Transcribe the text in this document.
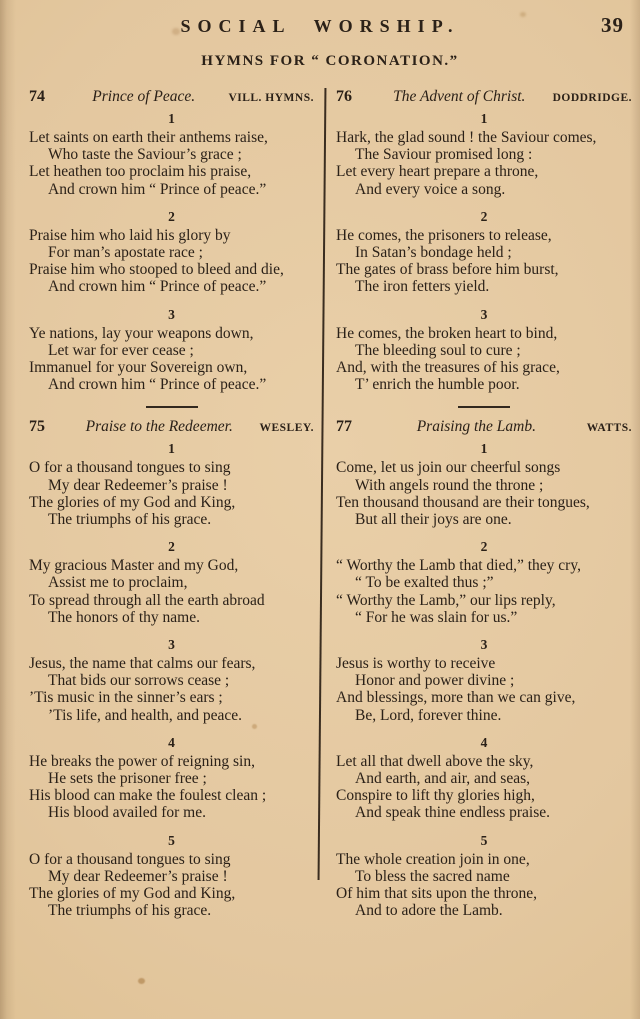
SOCIAL WORSHIP.	39
HYMNS FOR “ CORONATION.”
74	Prince of Peace.	VILL. HYMNS.
1
Let saints on earth their anthems raise,
Who taste the Saviour’s grace ;
Let heathen too proclaim his praise,
And crown him “ Prince of peace.”
2
Praise him who laid his glory by
For man’s apostate race ;
Praise him who stooped to bleed and die,
And crown him “ Prince of peace.”
3
Ye nations, lay your weapons down,
Let war for ever cease ;
Immanuel for your Sovereign own,
And crown him “ Prince of peace.”
75	Praise to the Redeemer.	WESLEY.
1
O for a thousand tongues to sing
My dear Redeemer’s praise !
The glories of my God and King,
The triumphs of his grace.
2
My gracious Master and my God,
Assist me to proclaim,
To spread through all the earth abroad
The honors of thy name.
3
Jesus, the name that calms our fears,
That bids our sorrows cease ;
’Tis music in the sinner’s ears ;
’Tis life, and health, and peace.
4
He breaks the power of reigning sin,
He sets the prisoner free ;
His blood can make the foulest clean ;
His blood availed for me.
5
O for a thousand tongues to sing
My dear Redeemer’s praise !
The glories of my God and King,
The triumphs of his grace.
76	The Advent of Christ.	DODDRIDGE.
1
Hark, the glad sound ! the Saviour comes,
The Saviour promised long :
Let every heart prepare a throne,
And every voice a song.
2
He comes, the prisoners to release,
In Satan’s bondage held ;
The gates of brass before him burst,
The iron fetters yield.
3
He comes, the broken heart to bind,
The bleeding soul to cure ;
And, with the treasures of his grace,
T’ enrich the humble poor.
77	Praising the Lamb.	WATTS.
1
Come, let us join our cheerful songs
With angels round the throne ;
Ten thousand thousand are their tongues,
But all their joys are one.
2
“ Worthy the Lamb that died,” they cry,
“ To be exalted thus ;”
“ Worthy the Lamb,” our lips reply,
“ For he was slain for us.”
3
Jesus is worthy to receive
Honor and power divine ;
And blessings, more than we can give,
Be, Lord, forever thine.
4
Let all that dwell above the sky,
And earth, and air, and seas,
Conspire to lift thy glories high,
And speak thine endless praise.
5
The whole creation join in one,
To bless the sacred name
Of him that sits upon the throne,
And to adore the Lamb.
